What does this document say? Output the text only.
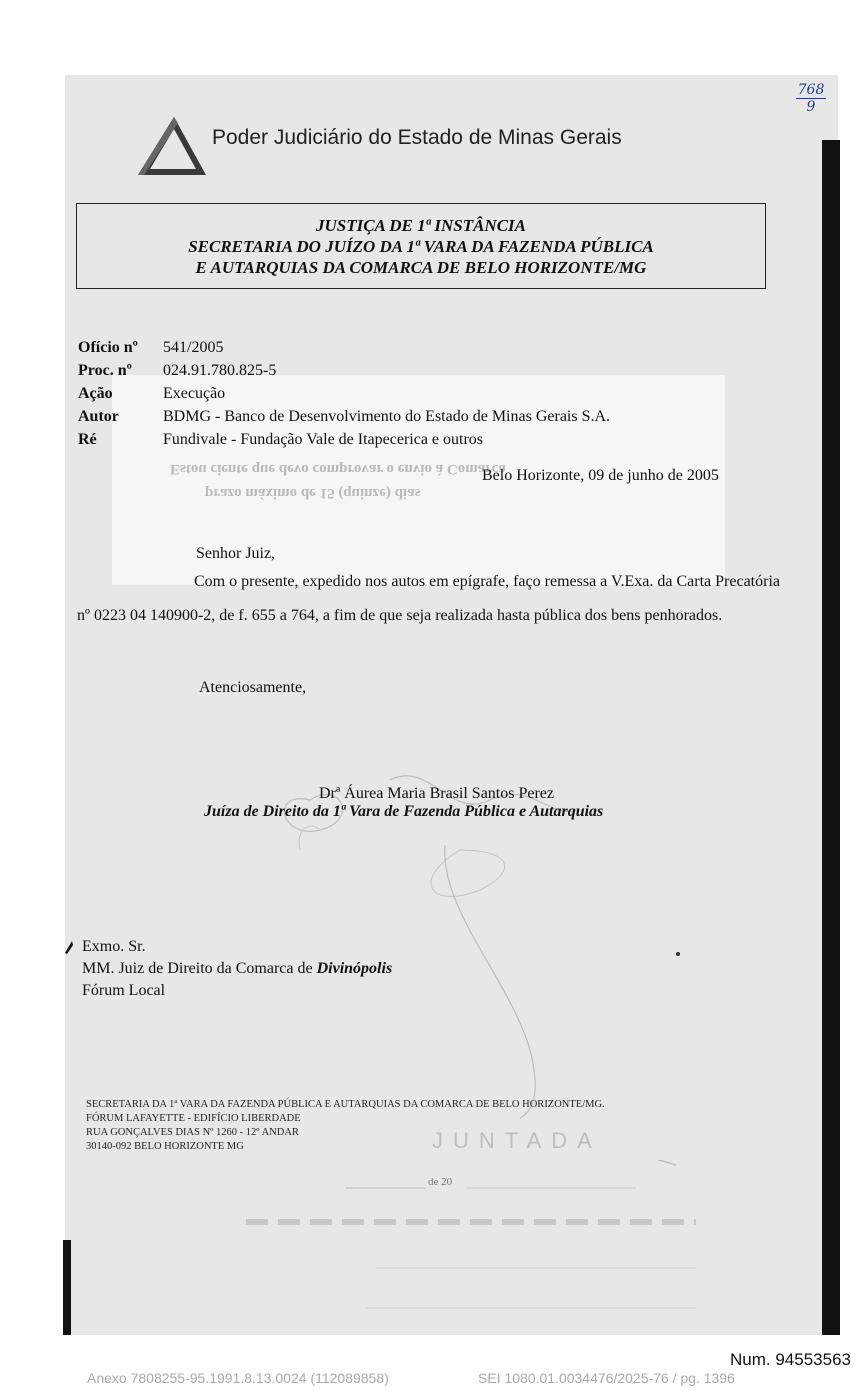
768
9
Poder Judiciário do Estado de Minas Gerais
JUSTIÇA DE 1ª INSTÂNCIA
SECRETARIA DO JUÍZO DA 1ª VARA DA FAZENDA PÚBLICA
E AUTARQUIAS DA COMARCA DE BELO HORIZONTE/MG
Estou ciente que devo comprovar o envio à Comarca
prazo máximo de 15 (quinze) dias
Ofício nº 541/2005
Proc. nº 024.91.780.825-5
Ação	Execução
Autor	BDMG - Banco de Desenvolvimento do Estado de Minas Gerais S.A.
Ré	Fundivale - Fundação Vale de Itapecerica e outros
Belo Horizonte, 09 de junho de 2005
Senhor Juiz,
Com o presente, expedido nos autos em epígrafe, faço remessa a V.Exa. da Carta Precatória nº 0223 04 140900-2, de f. 655 a 764, a fim de que seja realizada hasta pública dos bens penhorados.
Atenciosamente,
Drª Áurea Maria Brasil Santos Perez
Juíza de Direito da 1ª Vara de Fazenda Pública e Autarquias
Exmo. Sr.
MM. Juiz de Direito da Comarca de Divinópolis
Fórum Local
SECRETARIA DA 1ª VARA DA FAZENDA PÚBLICA E AUTARQUIAS DA COMARCA DE BELO HORIZONTE/MG.
FÓRUM LAFAYETTE - EDIFÍCIO LIBERDADE
RUA GONÇALVES DIAS Nº 1260 - 12º ANDAR
30140-092 BELO HORIZONTE MG	JUNTADA
de 20
Num. 94553563
Anexo 7808255-95.1991.8.13.0024 (112089858)	SEI 1080.01.0034476/2025-76 / pg. 1396
